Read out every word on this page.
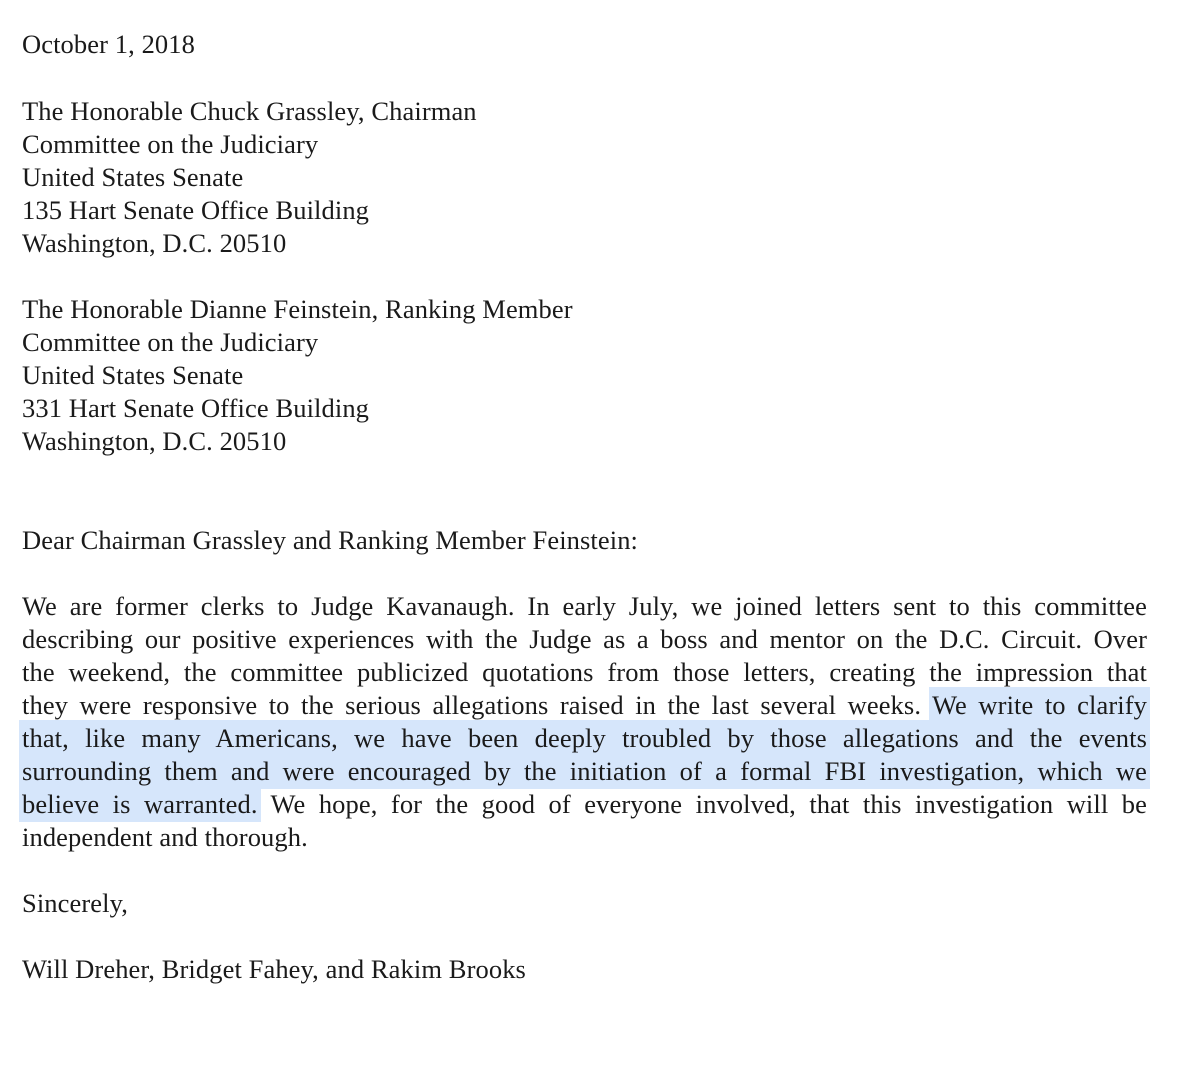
October 1, 2018
The Honorable Chuck Grassley, Chairman
Committee on the Judiciary
United States Senate
135 Hart Senate Office Building
Washington, D.C. 20510
The Honorable Dianne Feinstein, Ranking Member
Committee on the Judiciary
United States Senate
331 Hart Senate Office Building
Washington, D.C. 20510
Dear Chairman Grassley and Ranking Member Feinstein:
We are former clerks to Judge Kavanaugh. In early July, we joined letters sent to this committee
describing our positive experiences with the Judge as a boss and mentor on the D.C. Circuit. Over
the weekend, the committee publicized quotations from those letters, creating the impression that
they were responsive to the serious allegations raised in the last several weeks. We write to clarify
that, like many Americans, we have been deeply troubled by those allegations and the events
surrounding them and were encouraged by the initiation of a formal FBI investigation, which we
believe is warranted. We hope, for the good of everyone involved, that this investigation will be
independent and thorough.
Sincerely,
Will Dreher, Bridget Fahey, and Rakim Brooks
